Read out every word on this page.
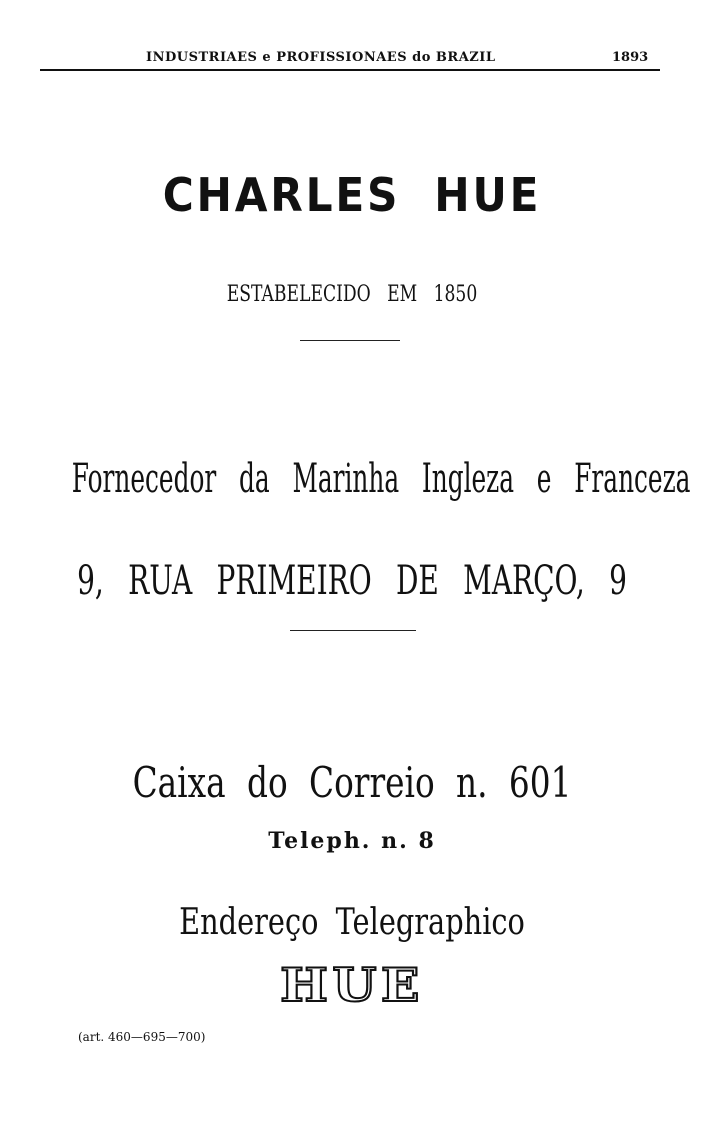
INDUSTRIAES e PROFISSIONAES do BRAZIL	1893
CHARLES HUE
ESTABELECIDO EM 1850
Fornecedor da Marinha Ingleza e Franceza
9, RUA PRIMEIRO DE MARÇO, 9
Caixa do Correio n. 601
Teleph. n. 8
Endereço Telegraphico
HUE
(art. 460—695—700)
